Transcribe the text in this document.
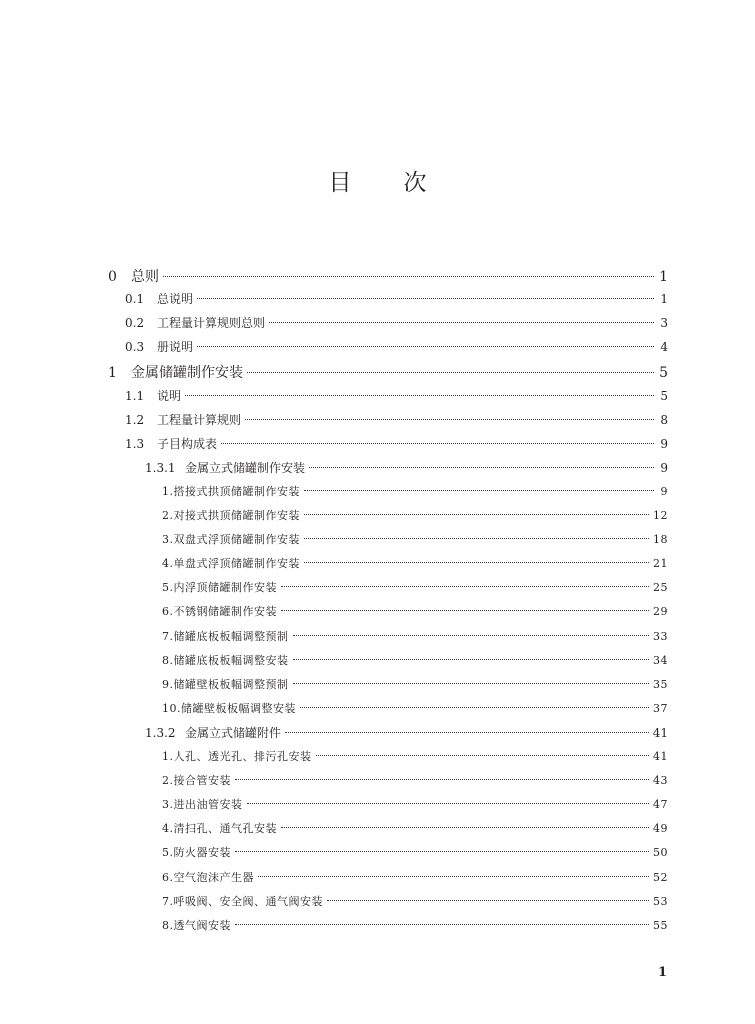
目 次
0	总则	1
0.1	总说明	1
0.2	工程量计算规则总则	3
0.3	册说明	4
1	金属储罐制作安装	5
1.1	说明	5
1.2	工程量计算规则	8
1.3	子目构成表	9
1.3.1 金属立式储罐制作安装	9
1.搭接式拱顶储罐制作安装	9
2.对接式拱顶储罐制作安装	12
3.双盘式浮顶储罐制作安装	18
4.单盘式浮顶储罐制作安装	21
5.内浮顶储罐制作安装	25
6.不锈钢储罐制作安装	29
7.储罐底板板幅调整预制	33
8.储罐底板板幅调整安装	34
9.储罐壁板板幅调整预制	35
10.储罐壁板板幅调整安装	37
1.3.2 金属立式储罐附件	41
1.人孔、透光孔、排污孔安装	41
2.接合管安装	43
3.进出油管安装	47
4.清扫孔、通气孔安装	49
5.防火器安装	50
6.空气泡沫产生器	52
7.呼吸阀、安全阀、通气阀安装	53
8.透气阀安装	55
1
